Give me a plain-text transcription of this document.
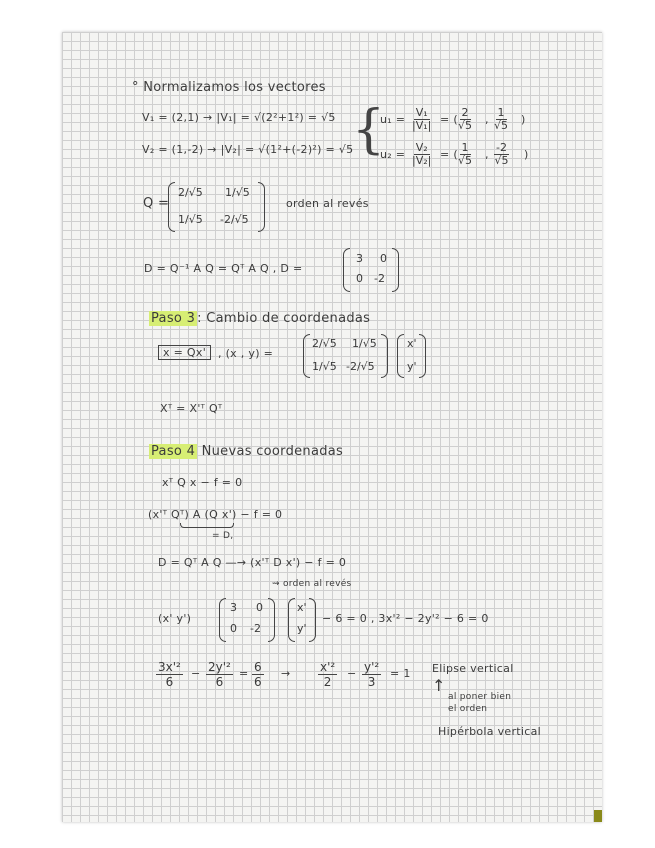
° Normalizamos los vectores
V₁ = (2,1) → |V₁| = √(2²+1²) = √5
V₂ = (1,-2) → |V₂| = √(1²+(-2)²) = √5
{
$u_1 = \frac{\text{V₁}}{\text{|V₁|}}$ = ( $\frac{2}{√5}$ , $\frac{1}{√5}$ )
$u_2 = \frac{\text{V₂}}{\text{|V₂|}}$ = ( $\frac{1}{√5}$ , $\frac{-2}{√5}$ )
Q =
2/√5 1/√5
1/√5 -2/√5
orden al revés
D = Q⁻¹ A Q = Qᵀ A Q , D =
3 0
0 -2
Paso 3 : Cambio de coordenadas
x = Qx'	, (x , y) =
2/√5 1/√5
1/√5 -2/√5
x'
y'
Xᵀ = X'ᵀ Qᵀ
Paso 4 Nuevas coordenadas
xᵀ Q x − f = 0
(x'ᵀ Qᵀ) A (Q x') − f = 0
= D,
D = Qᵀ A Q —→ (x'ᵀ D x') − f = 0
⇝ orden al revés
(x' y')
3 0
0 -2
x'
y'
− 6 = 0 , 3x'² − 2y'² − 6 = 0
$\frac{\text{3x'²}}{6} - \frac{\text{2y'²}}{6} = \frac{6}{6} \to \frac{\text{x'²}}{2} - \frac{\text{y'²}}{3} = 1$ Elipse vertical
↑
al poner bien
el orden
Hipérbola vertical
